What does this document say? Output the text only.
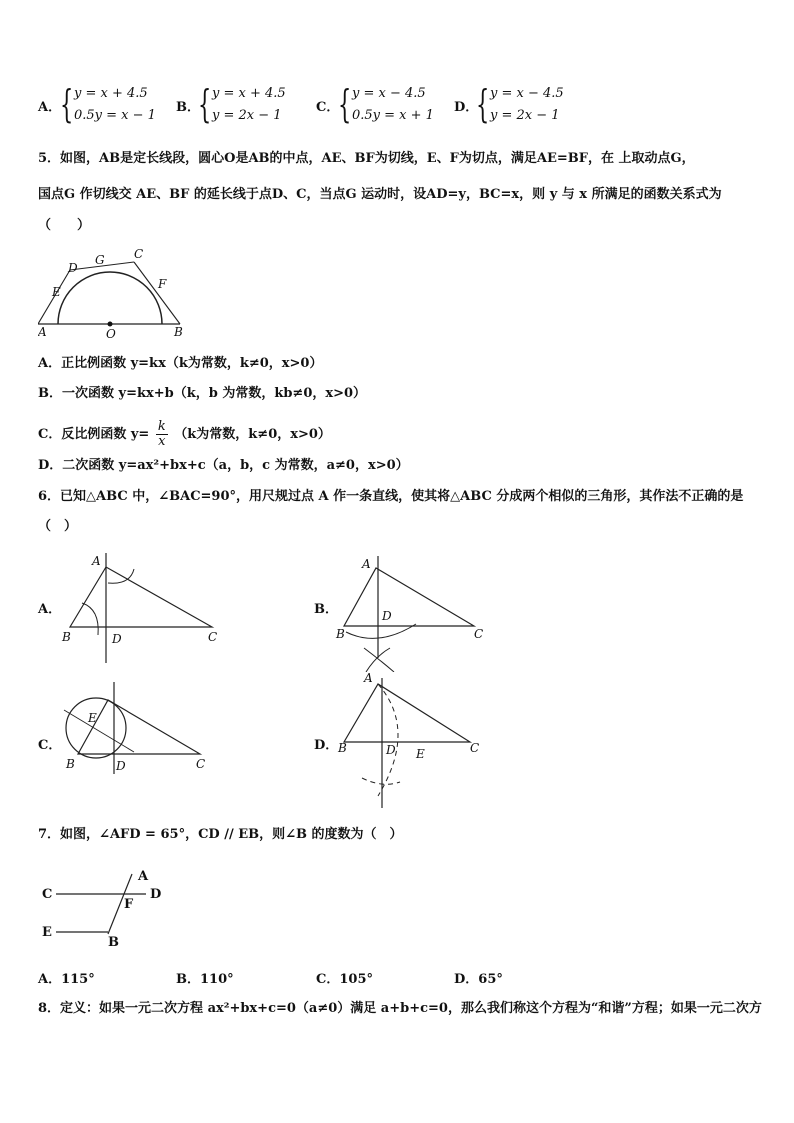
A．
{ y = x + 4.5
0.5y = x − 1
B．
{ y = x + 4.5
y = 2x − 1
C．
{ y = x − 4.5
0.5y = x + 1
D．
{ y = x − 4.5
y = 2x − 1
5．如图，AB是定长线段，圆心O是AB的中点，AE、BF为切线，E、F为切点，满足AE=BF，在 上取动点G，
国点G 作切线交 AE、BF 的延长线于点D、C，当点G 运动时，设AD=y，BC=x，则 y 与 x 所满足的函数关系式为
（　　）
A	B
O
E
D
G C
F
A．正比例函数 y=kx（k为常数，k≠0，x>0）
B．一次函数 y=kx+b（k，b 为常数，kb≠0，x>0）
C．反比例函数 $y= \frac{k}{x} (k$为常数，k≠0，x>0）
D．二次函数 y=ax²+bx+c（a，b，c 为常数，a≠0，x>0）
6．已知△ABC 中，∠BAC=90°，用尺规过点 A 作一条直线，使其将△ABC 分成两个相似的三角形，其作法不正确的是
（　）
A．
A
B	D	C
B．
A
B
D
C
C．
E
B	D	C
D．
A
B	D E	C
7．如图，∠AFD = 65°，CD // EB，则∠B 的度数为（　）
C	D
A
F
E
B
A．115°	B．110°	C．105°	D．65°
8．定义：如果一元二次方程 ax²+bx+c=0（a≠0）满足 a+b+c=0，那么我们称这个方程为“和谐”方程；如果一元二次方
